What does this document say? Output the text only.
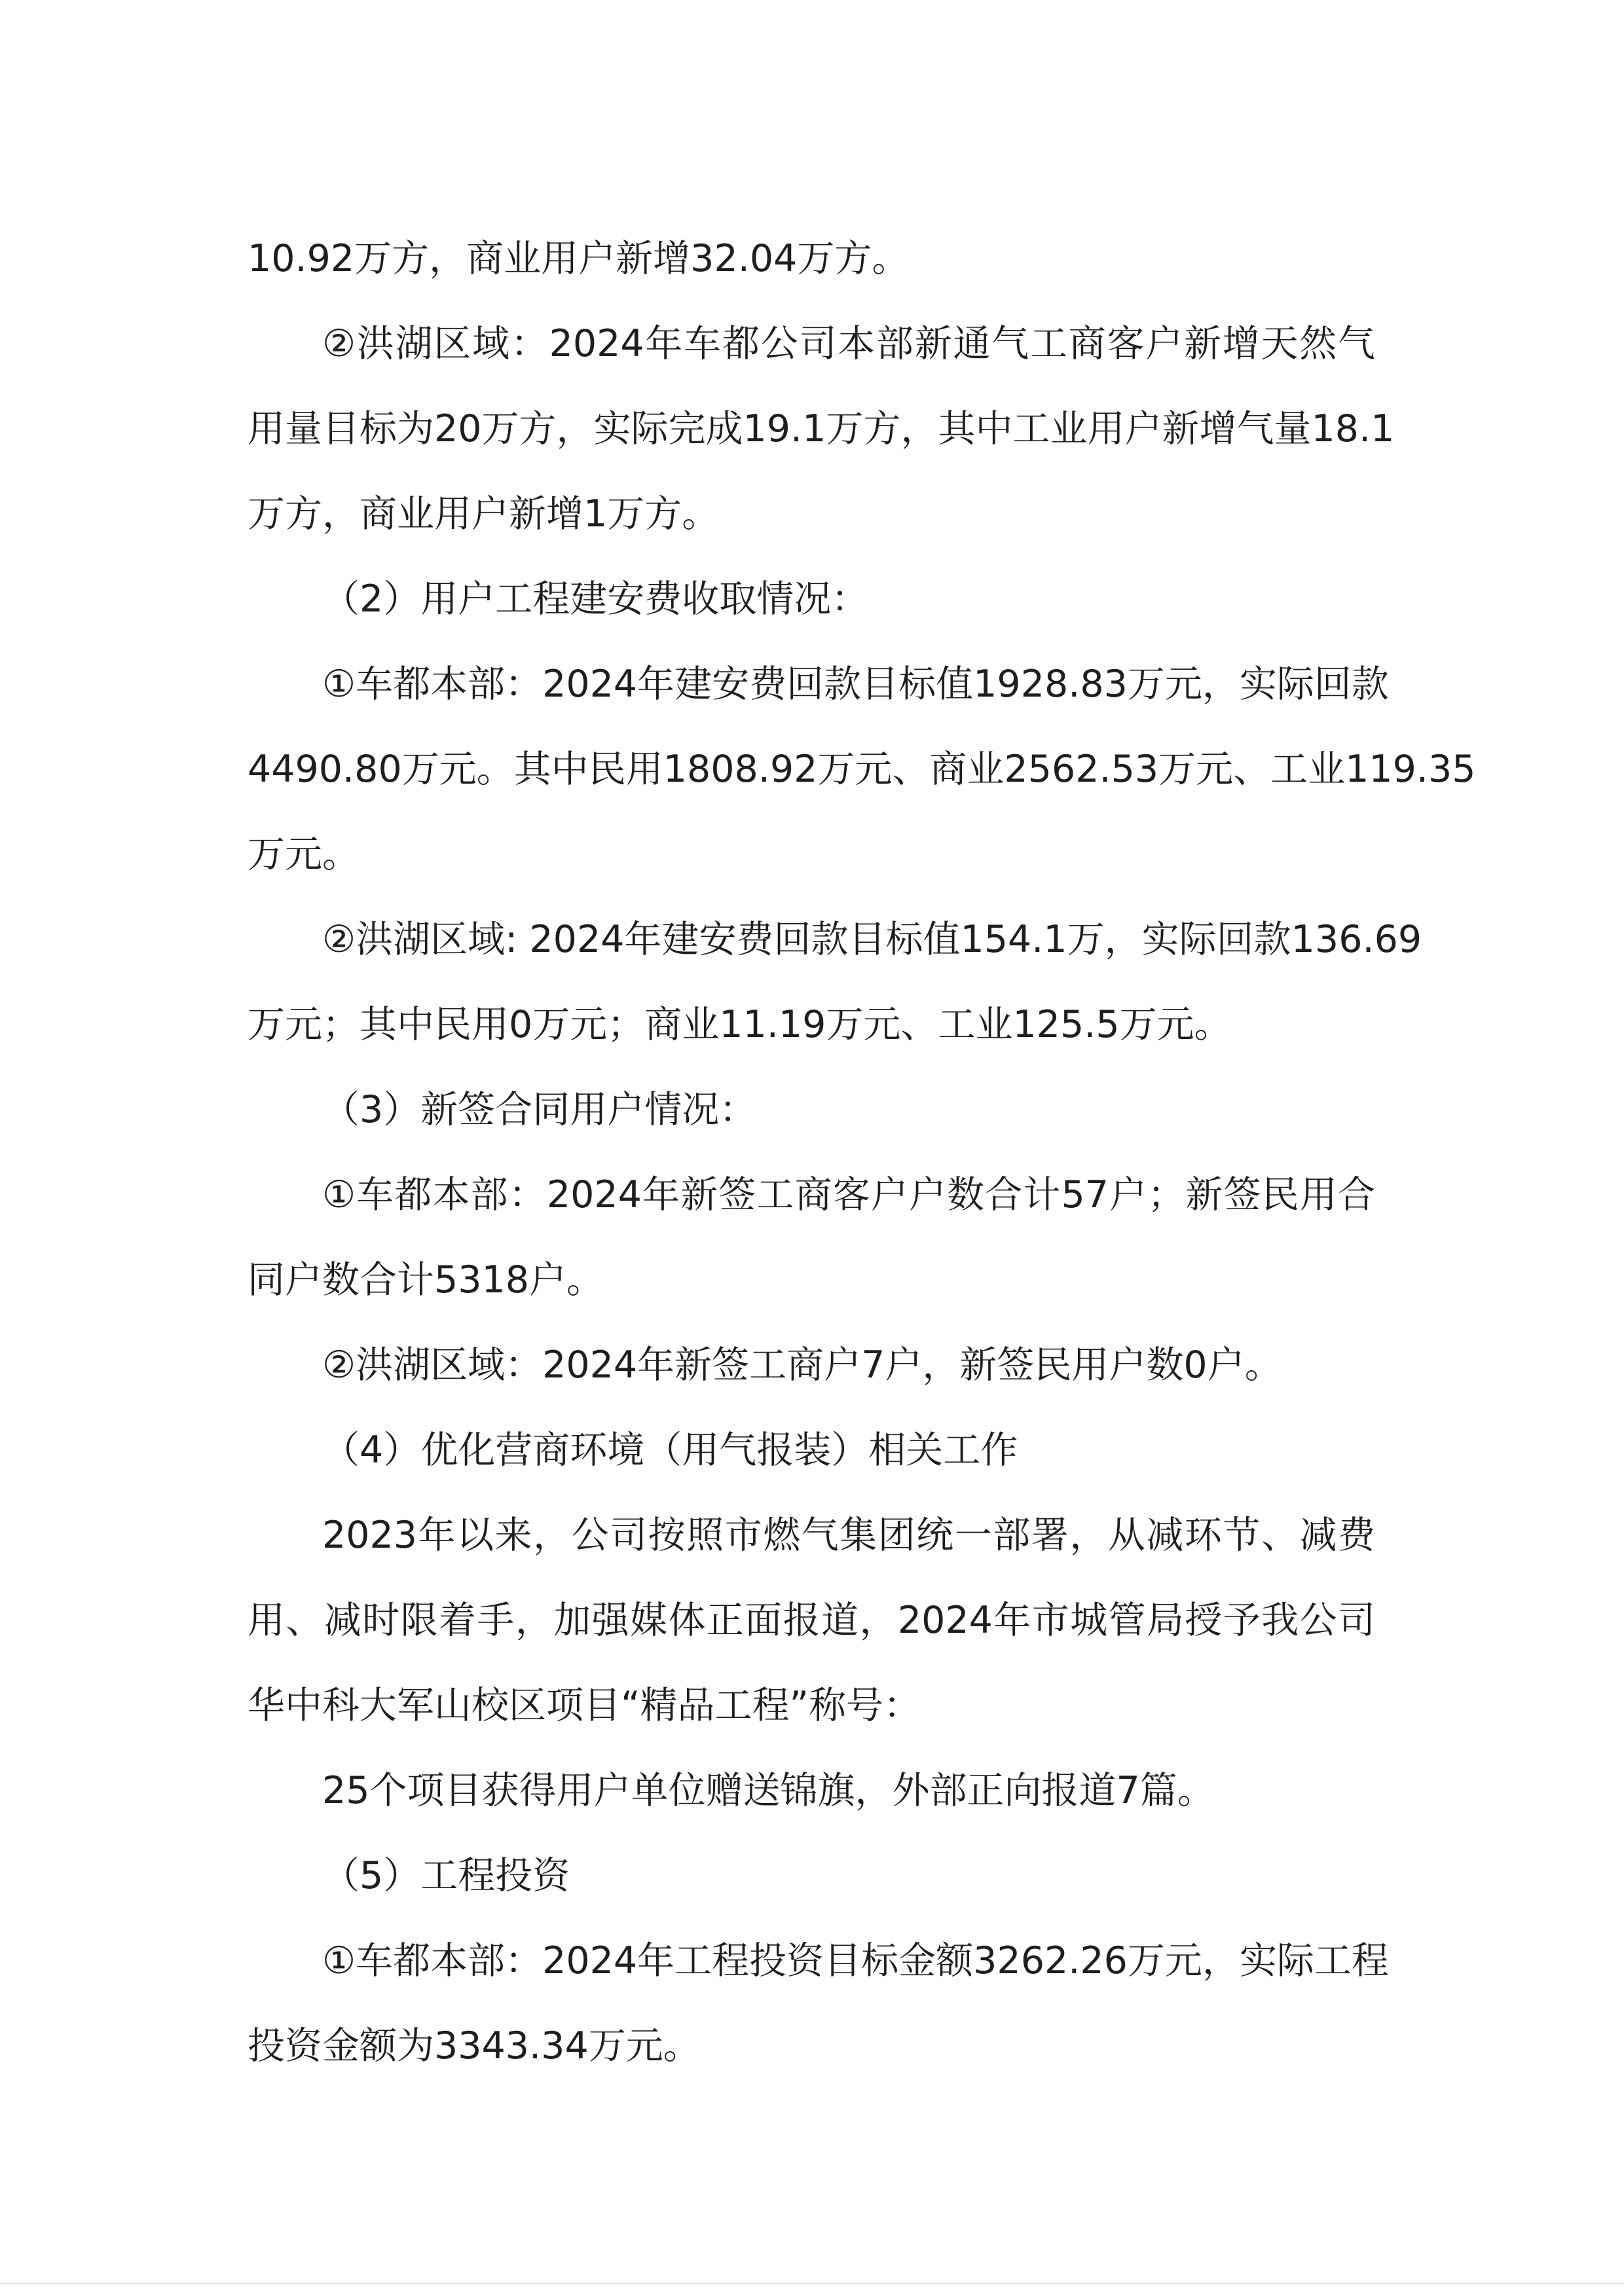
10.92万方，商业用户新增32.04万方。
②洪湖区域：2024年车都公司本部新通气工商客户新增天然气
用量目标为20万方，实际完成19.1万方，其中工业用户新增气量18.1
万方，商业用户新增1万方。
（2）用户工程建安费收取情况：
①车都本部：2024年建安费回款目标值1928.83万元，实际回款
4490.80万元。其中民用1808.92万元、商业2562.53万元、工业119.35
万元。
②洪湖区域: 2024年建安费回款目标值154.1万，实际回款136.69
万元；其中民用0万元；商业11.19万元、工业125.5万元。
（3）新签合同用户情况：
①车都本部：2024年新签工商客户户数合计57户；新签民用合
同户数合计5318户。
②洪湖区域：2024年新签工商户7户，新签民用户数0户。
（4）优化营商环境（用气报装）相关工作
2023年以来，公司按照市燃气集团统一部署，从减环节、减费
用、减时限着手，加强媒体正面报道，2024年市城管局授予我公司
华中科大军山校区项目“精品工程”称号：
25个项目获得用户单位赠送锦旗，外部正向报道7篇。
（5）工程投资
①车都本部：2024年工程投资目标金额3262.26万元，实际工程
投资金额为3343.34万元。
